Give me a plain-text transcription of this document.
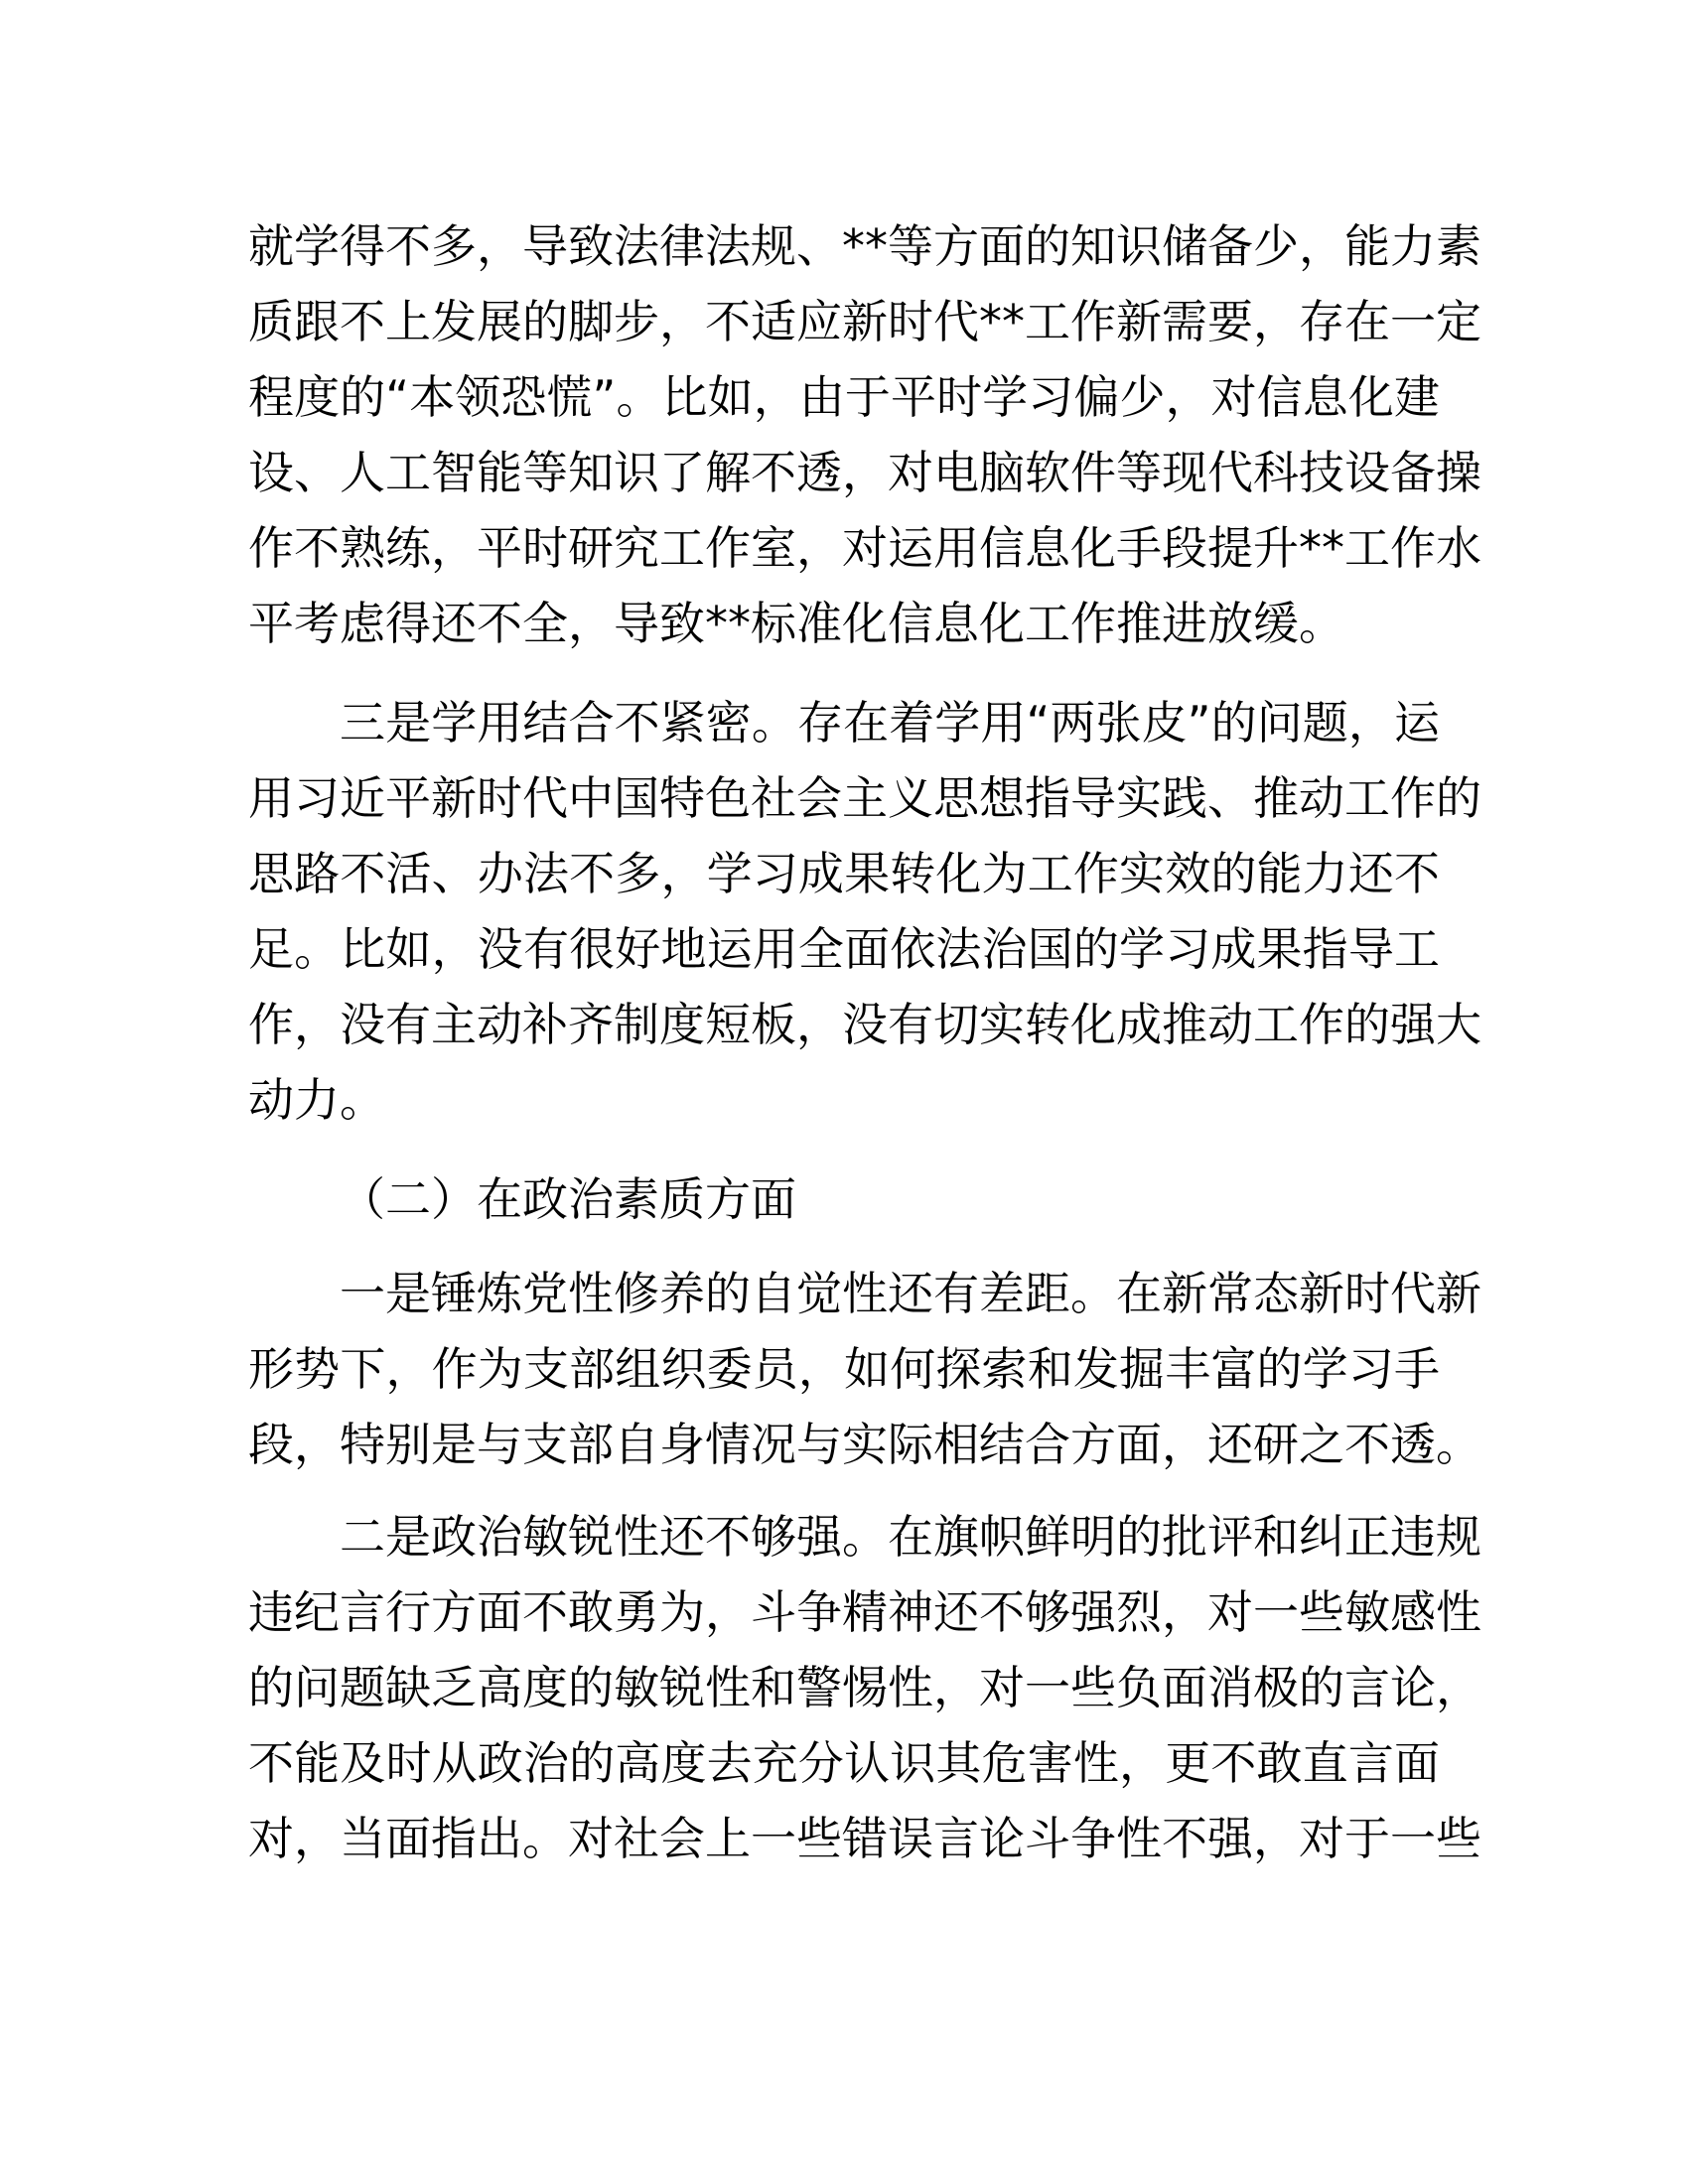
就学得不多，导致法律法规、**等方面的知识储备少，能力素
质跟不上发展的脚步，不适应新时代**工作新需要，存在一定
程度的“本领恐慌”。比如，由于平时学习偏少，对信息化建
设、人工智能等知识了解不透，对电脑软件等现代科技设备操
作不熟练，平时研究工作室，对运用信息化手段提升**工作水
平考虑得还不全，导致**标准化信息化工作推进放缓。
三是学用结合不紧密。存在着学用“两张皮”的问题，运
用习近平新时代中国特色社会主义思想指导实践、推动工作的
思路不活、办法不多，学习成果转化为工作实效的能力还不
足。比如，没有很好地运用全面依法治国的学习成果指导工
作，没有主动补齐制度短板，没有切实转化成推动工作的强大
动力。
（二）在政治素质方面
一是锤炼党性修养的自觉性还有差距。在新常态新时代新
形势下，作为支部组织委员，如何探索和发掘丰富的学习手
段，特别是与支部自身情况与实际相结合方面，还研之不透。
二是政治敏锐性还不够强。在旗帜鲜明的批评和纠正违规
违纪言行方面不敢勇为，斗争精神还不够强烈，对一些敏感性
的问题缺乏高度的敏锐性和警惕性，对一些负面消极的言论，
不能及时从政治的高度去充分认识其危害性，更不敢直言面
对，当面指出。对社会上一些错误言论斗争性不强，对于一些
